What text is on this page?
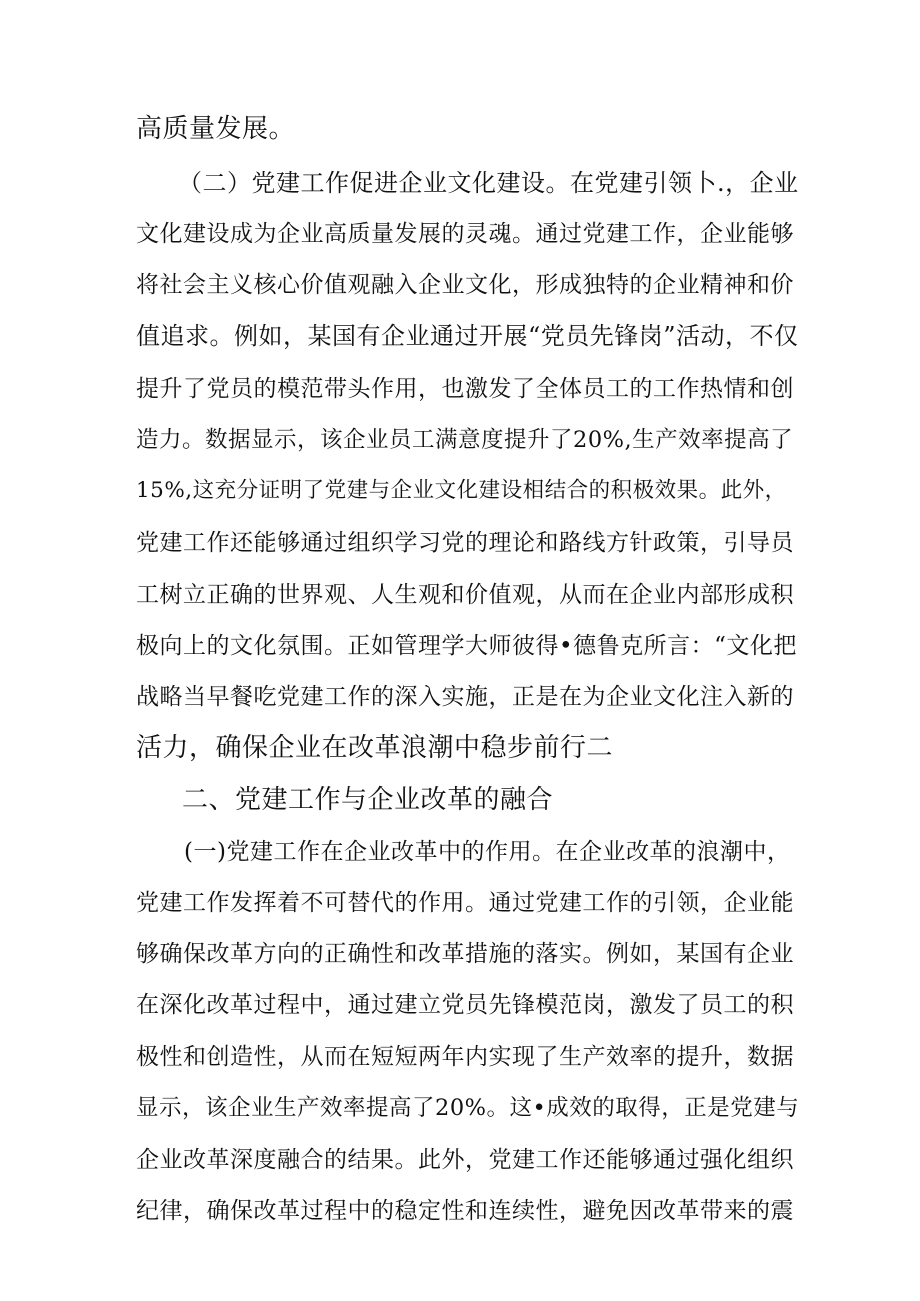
高质量发展。
（二）党建工作促进企业文化建设。在党建引领卜.，企业
文化建设成为企业高质量发展的灵魂。通过党建工作，企业能够
将社会主义核心价值观融入企业文化，形成独特的企业精神和价
值追求。例如，某国有企业通过开展“党员先锋岗”活动，不仅
提升了党员的模范带头作用，也激发了全体员工的工作热情和创
造力。数据显示，该企业员工满意度提升了20%,生产效率提高了
15%,这充分证明了党建与企业文化建设相结合的积极效果。此外，
党建工作还能够通过组织学习党的理论和路线方针政策，引导员
工树立正确的世界观、人生观和价值观，从而在企业内部形成积
极向上的文化氛围。正如管理学大师彼得•德鲁克所言：“文化把
战略当早餐吃党建工作的深入实施，正是在为企业文化注入新的
活力，确保企业在改革浪潮中稳步前行二
二、党建工作与企业改革的融合
(一)党建工作在企业改革中的作用。在企业改革的浪潮中，
党建工作发挥着不可替代的作用。通过党建工作的引领，企业能
够确保改革方向的正确性和改革措施的落实。例如，某国有企业
在深化改革过程中，通过建立党员先锋模范岗，激发了员工的积
极性和创造性，从而在短短两年内实现了生产效率的提升，数据
显示，该企业生产效率提高了20%。这•成效的取得，正是党建与
企业改革深度融合的结果。此外，党建工作还能够通过强化组织
纪律，确保改革过程中的稳定性和连续性，避免因改革带来的震
